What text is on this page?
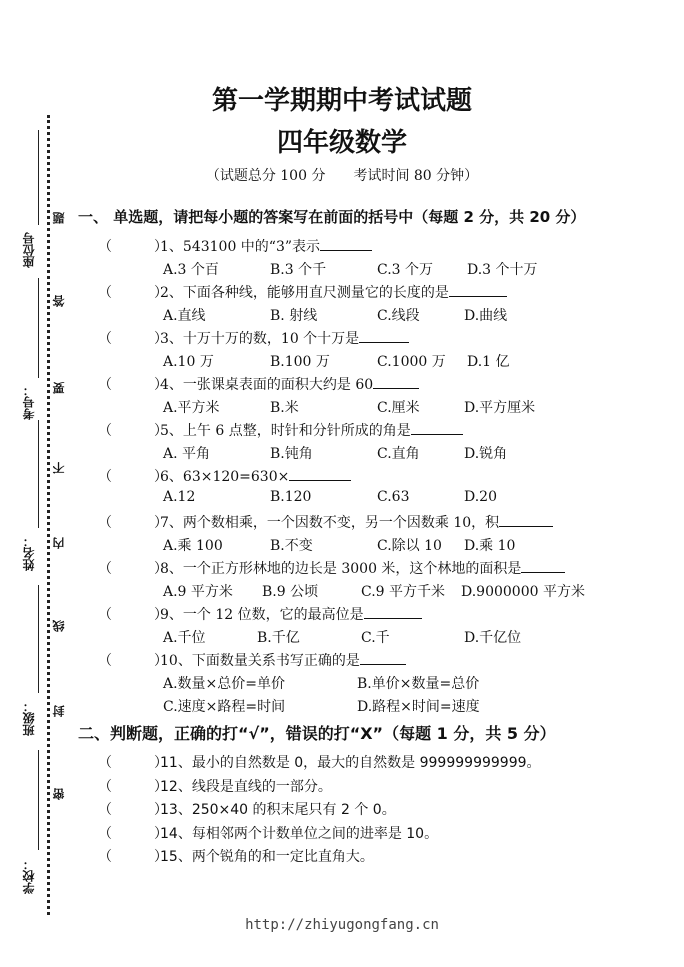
座位号
考号：
姓名：
班级：
学校：
题
答
要
不
内
线
封
密
第一学期期中考试试题
四年级数学
（试题总分 100 分　　考试时间 80 分钟）
一、 单选题，请把每小题的答案写在前面的括号中（每题 2 分，共 20 分）
（　　　）1、543100 中的“3”表示
A.3 个百	B.3 个千	C.3 个万 D.3 个十万
（　　　）2、下面各种线，能够用直尺测量它的长度的是
A.直线	B. 射线	C.线段	D.曲线
（　　　）3、十万十万的数，10 个十万是
A.10 万	B.100 万	C.1000 万 D.1 亿
（　　　）4、一张课桌表面的面积大约是 60
A.平方米	B.米	C.厘米	D.平方厘米
（　　　）5、上午 6 点整，时针和分针所成的角是
A. 平角	B.钝角	C.直角	D.锐角
（　　　）6、63×120=630×
A.12	B.120	C.63	D.20
（　　　）7、两个数相乘，一个因数不变，另一个因数乘 10，积
A.乘 100	B.不变	C.除以 10 D.乘 10
（　　　）8、一个正方形林地的边长是 3000 米，这个林地的面积是
A.9 平方米 B.9 公顷	C.9 平方千米 D.9000000 平方米
（　　　）9、一个 12 位数，它的最高位是
A.千位	B.千亿	C.千	D.千亿位
（　　　）10、下面数量关系书写正确的是
A.数量×总价=单价	B.单价×数量=总价
C.速度×路程=时间	D.路程×时间=速度
二、判断题，正确的打“√”，错误的打“X”（每题 1 分，共 5 分）
（　　　）11、最小的自然数是 0，最大的自然数是 999999999999。
（　　　）12、线段是直线的一部分。
（　　　）13、250×40 的积末尾只有 2 个 0。
（　　　）14、每相邻两个计数单位之间的进率是 10。
（　　　）15、两个锐角的和一定比直角大。
http://zhiyugongfang.cn
